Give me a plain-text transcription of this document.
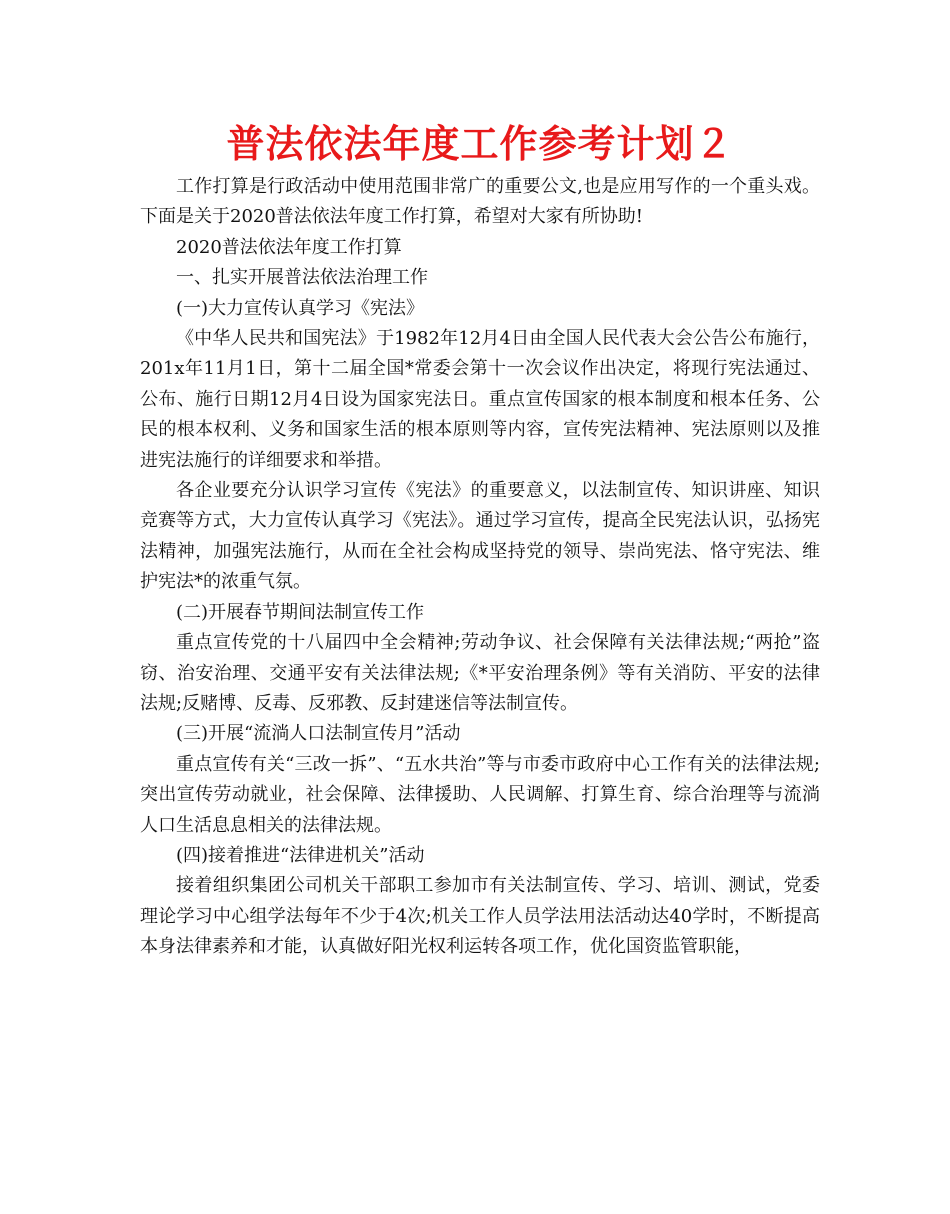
普法依法年度工作参考计划２

工作打算是行政活动中使用范围非常广的重要公文,也是应用写作的一个重头戏。下面是关于2020普法依法年度工作打算，希望对大家有所协助!

2020普法依法年度工作打算

一、扎实开展普法依法治理工作

(一)大力宣传认真学习《宪法》

《中华人民共和国宪法》于1982年12月4日由全国人民代表大会公告公布施行，201x年11月1日，第十二届全国*常委会第十一次会议作出决定，将现行宪法通过、公布、施行日期12月4日设为国家宪法日。重点宣传国家的根本制度和根本任务、公民的根本权利、义务和国家生活的根本原则等内容，宣传宪法精神、宪法原则以及推进宪法施行的详细要求和举措。

各企业要充分认识学习宣传《宪法》的重要意义，以法制宣传、知识讲座、知识竞赛等方式，大力宣传认真学习《宪法》。通过学习宣传，提高全民宪法认识，弘扬宪法精神，加强宪法施行，从而在全社会构成坚持党的领导、崇尚宪法、恪守宪法、维护宪法*的浓重气氛。

(二)开展春节期间法制宣传工作

重点宣传党的十八届四中全会精神;劳动争议、社会保障有关法律法规;“两抢”盗窃、治安治理、交通平安有关法律法规;《*平安治理条例》等有关消防、平安的法律法规;反赌博、反毒、反邪教、反封建迷信等法制宣传。

(三)开展“流淌人口法制宣传月”活动

重点宣传有关“三改一拆”、“五水共治”等与市委市政府中心工作有关的法律法规;突出宣传劳动就业，社会保障、法律援助、人民调解、打算生育、综合治理等与流淌人口生活息息相关的法律法规。

(四)接着推进“法律进机关”活动

接着组织集团公司机关干部职工参加市有关法制宣传、学习、培训、测试，党委理论学习中心组学法每年不少于4次;机关工作人员学法用法活动达40学时，不断提高本身法律素养和才能，认真做好阳光权利运转各项工作，优化国资监管职能，
